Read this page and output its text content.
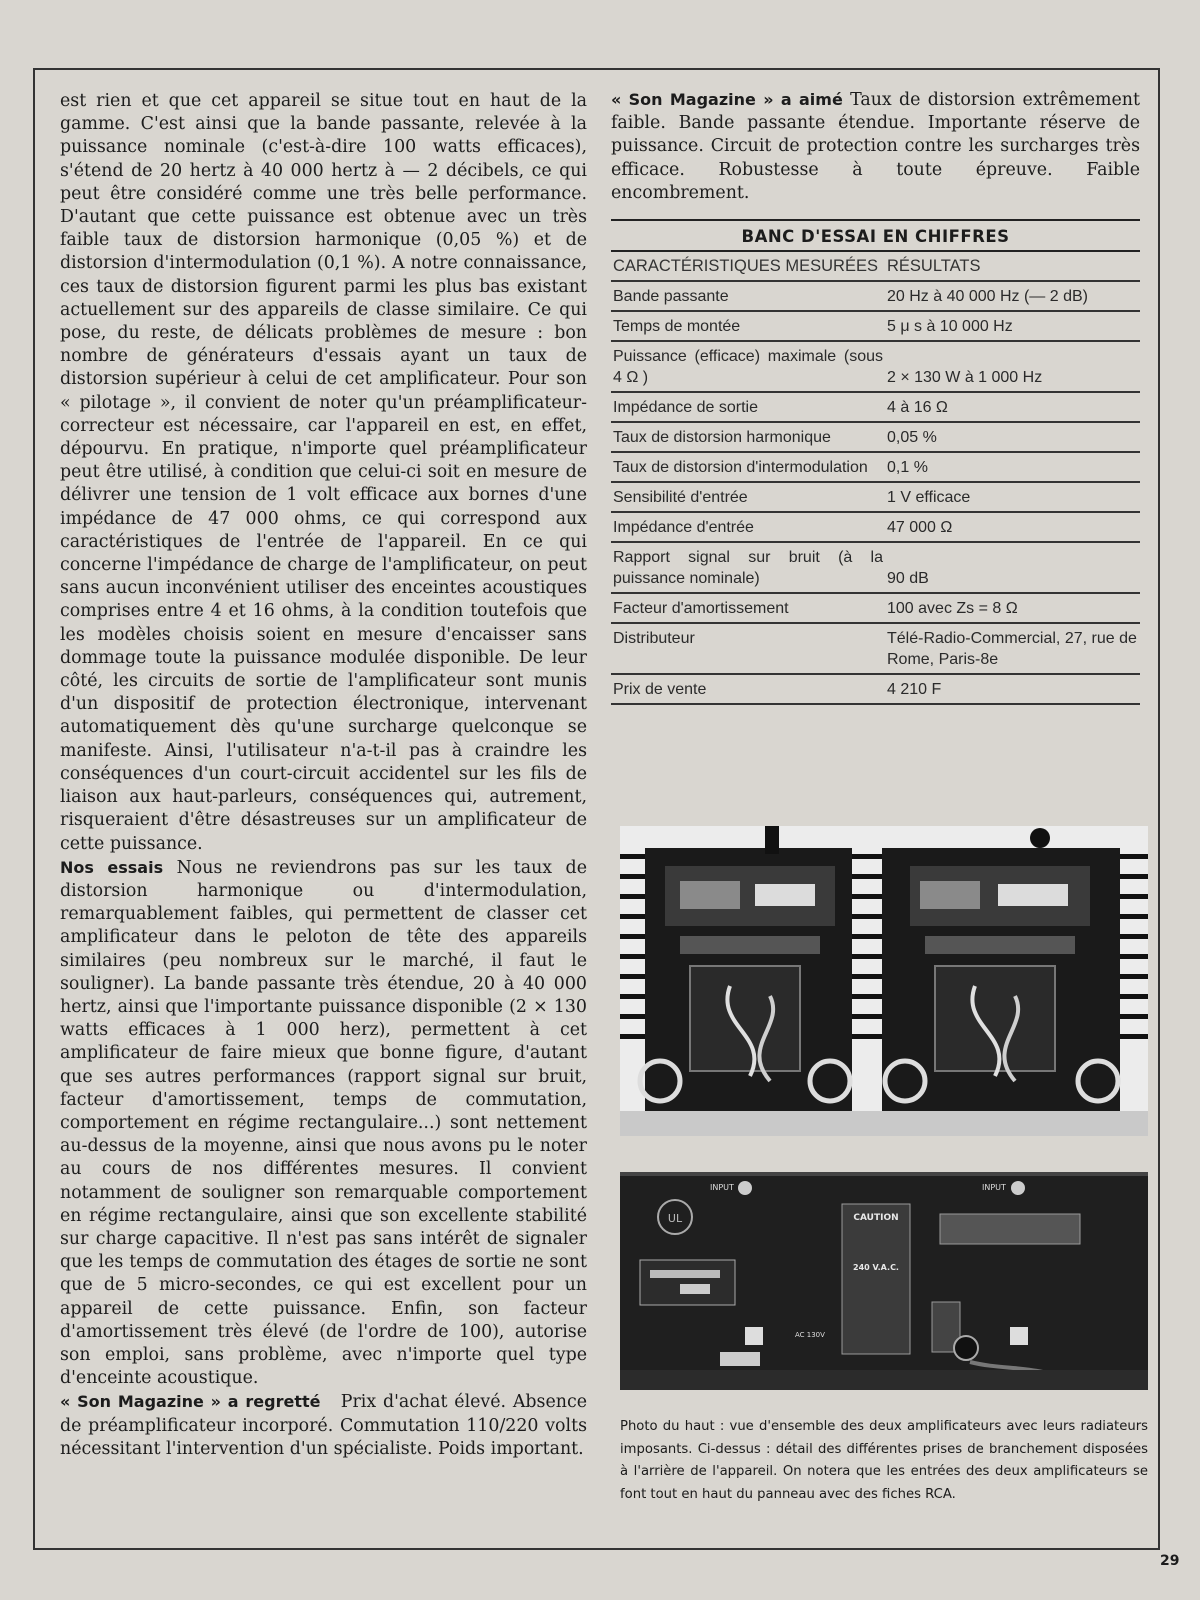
est rien et que cet appareil se situe tout en haut de la gamme. C'est ainsi que la bande passante, relevée à la puissance nominale (c'est-à-dire 100 watts efficaces), s'étend de 20 hertz à 40 000 hertz à — 2 décibels, ce qui peut être considéré comme une très belle performance. D'autant que cette puissance est obtenue avec un très faible taux de distorsion harmonique (0,05 %) et de distorsion d'intermodulation (0,1 %). A notre connaissance, ces taux de distorsion figurent parmi les plus bas existant actuellement sur des appareils de classe similaire. Ce qui pose, du reste, de délicats problèmes de mesure : bon nombre de générateurs d'essais ayant un taux de distorsion supérieur à celui de cet amplificateur. Pour son « pilotage », il convient de noter qu'un préamplificateur-correcteur est nécessaire, car l'appareil en est, en effet, dépourvu. En pratique, n'importe quel préamplificateur peut être utilisé, à condition que celui-ci soit en mesure de délivrer une tension de 1 volt efficace aux bornes d'une impédance de 47 000 ohms, ce qui correspond aux caractéristiques de l'entrée de l'appareil. En ce qui concerne l'impédance de charge de l'amplificateur, on peut sans aucun inconvénient utiliser des enceintes acoustiques comprises entre 4 et 16 ohms, à la condition toutefois que les modèles choisis soient en mesure d'encaisser sans dommage toute la puissance modulée disponible. De leur côté, les circuits de sortie de l'amplificateur sont munis d'un dispositif de protection électronique, intervenant automatiquement dès qu'une surcharge quelconque se manifeste. Ainsi, l'utilisateur n'a-t-il pas à craindre les conséquences d'un court-circuit accidentel sur les fils de liaison aux haut-parleurs, conséquences qui, autrement, risqueraient d'être désastreuses sur un amplificateur de cette puissance.

Nos essais Nous ne reviendrons pas sur les taux de distorsion harmonique ou d'intermodulation, remarquablement faibles, qui permettent de classer cet amplificateur dans le peloton de tête des appareils similaires (peu nombreux sur le marché, il faut le souligner). La bande passante très étendue, 20 à 40 000 hertz, ainsi que l'importante puissance disponible (2 × 130 watts efficaces à 1 000 herz), permettent à cet amplificateur de faire mieux que bonne figure, d'autant que ses autres performances (rapport signal sur bruit, facteur d'amortissement, temps de commutation, comportement en régime rectangulaire...) sont nettement au-dessus de la moyenne, ainsi que nous avons pu le noter au cours de nos différentes mesures. Il convient notamment de souligner son remarquable comportement en régime rectangulaire, ainsi que son excellente stabilité sur charge capacitive. Il n'est pas sans intérêt de signaler que les temps de commutation des étages de sortie ne sont que de 5 micro-secondes, ce qui est excellent pour un appareil de cette puissance. Enfin, son facteur d'amortissement très élevé (de l'ordre de 100), autorise son emploi, sans problème, avec n'importe quel type d'enceinte acoustique.

« Son Magazine » a regretté Prix d'achat élevé. Absence de préamplificateur incorporé. Commutation 110/220 volts nécessitant l'intervention d'un spécialiste. Poids important.

« Son Magazine » a aimé Taux de distorsion extrêmement faible. Bande passante étendue. Importante réserve de puissance. Circuit de protection contre les surcharges très efficace. Robustesse à toute épreuve. Faible encombrement.

BANC D'ESSAI EN CHIFFRES
CARACTÉRISTIQUES MESURÉES	RÉSULTATS
Bande passante	20 Hz à 40 000 Hz (— 2 dB)
Temps de montée	5 μ s à 10 000 Hz
Puissance (efficace) maximale (sous 4 Ω )	2 × 130 W à 1 000 Hz
Impédance de sortie	4 à 16 Ω
Taux de distorsion harmonique	0,05 %
Taux de distorsion d'intermodulation	0,1 %
Sensibilité d'entrée	1 V efficace
Impédance d'entrée	47 000 Ω
Rapport signal sur bruit (à la puissance nominale)	90 dB
Facteur d'amortissement	100 avec Zs = 8 Ω
Distributeur	Télé-Radio-Commercial, 27, rue de Rome, Paris-8e
Prix de vente	4 210 F
UL
INPUT	INPUT
CAUTION
240 V.A.C.
AC 130V
Photo du haut : vue d'ensemble des deux amplificateurs avec leurs radiateurs imposants. Ci-dessus : détail des différentes prises de branchement disposées à l'arrière de l'appareil. On notera que les entrées des deux amplificateurs se font tout en haut du panneau avec des fiches RCA.
29
